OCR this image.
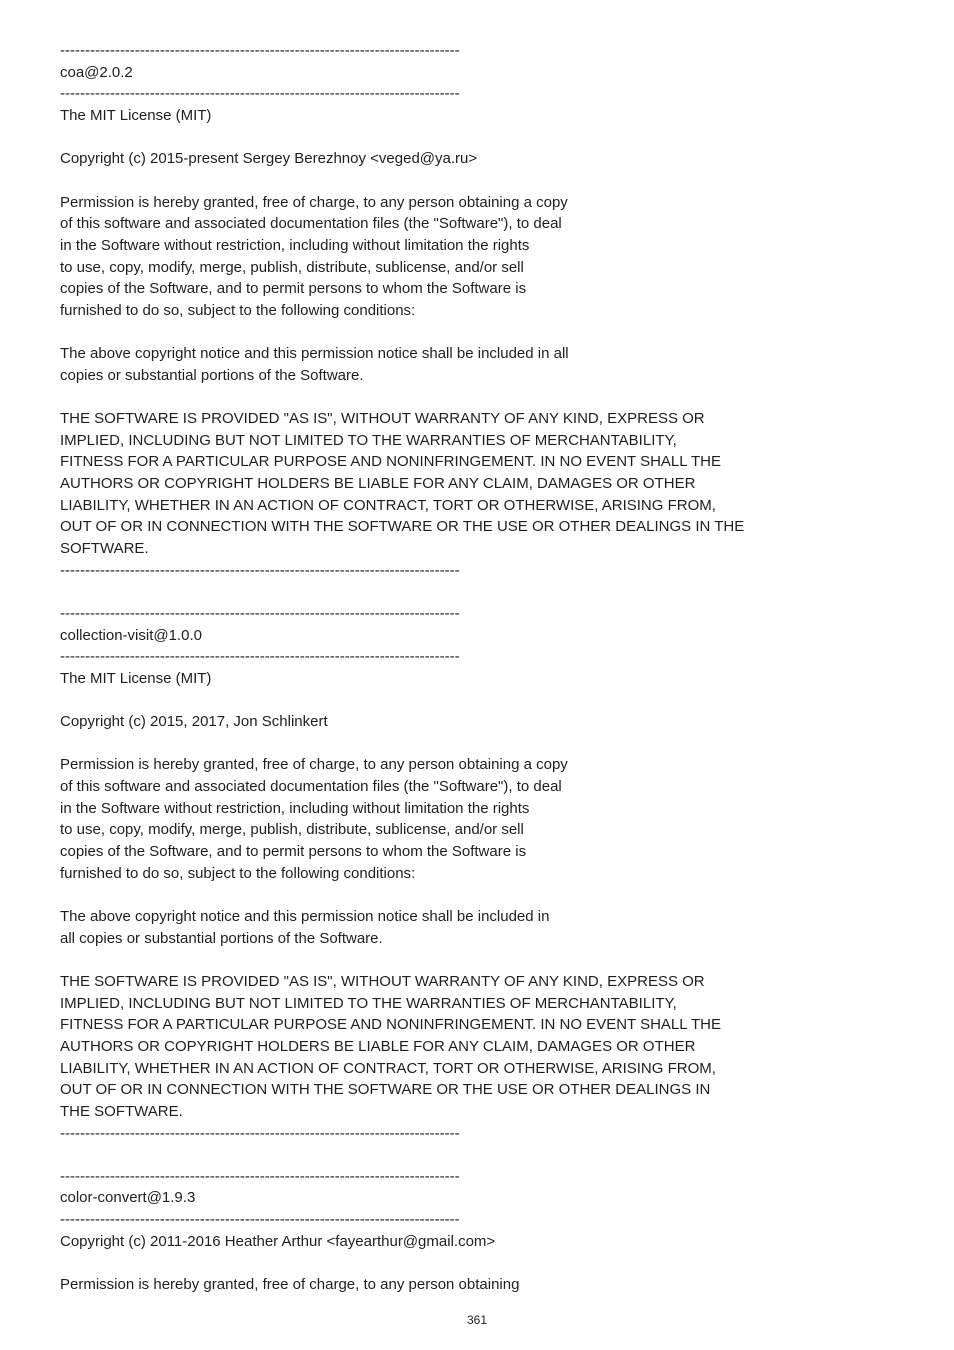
--------------------------------------------------------------------------------
coa@2.0.2
--------------------------------------------------------------------------------
The MIT License (MIT)
Copyright (c) 2015-present Sergey Berezhnoy <veged@ya.ru>
Permission is hereby granted, free of charge, to any person obtaining a copy
of this software and associated documentation files (the "Software"), to deal
in the Software without restriction, including without limitation the rights
to use, copy, modify, merge, publish, distribute, sublicense, and/or sell
copies of the Software, and to permit persons to whom the Software is
furnished to do so, subject to the following conditions:
The above copyright notice and this permission notice shall be included in all
copies or substantial portions of the Software.
THE SOFTWARE IS PROVIDED "AS IS", WITHOUT WARRANTY OF ANY KIND, EXPRESS OR
IMPLIED, INCLUDING BUT NOT LIMITED TO THE WARRANTIES OF MERCHANTABILITY,
FITNESS FOR A PARTICULAR PURPOSE AND NONINFRINGEMENT. IN NO EVENT SHALL THE
AUTHORS OR COPYRIGHT HOLDERS BE LIABLE FOR ANY CLAIM, DAMAGES OR OTHER
LIABILITY, WHETHER IN AN ACTION OF CONTRACT, TORT OR OTHERWISE, ARISING FROM,
OUT OF OR IN CONNECTION WITH THE SOFTWARE OR THE USE OR OTHER DEALINGS IN THE
SOFTWARE.
--------------------------------------------------------------------------------
--------------------------------------------------------------------------------
collection-visit@1.0.0
--------------------------------------------------------------------------------
The MIT License (MIT)
Copyright (c) 2015, 2017, Jon Schlinkert
Permission is hereby granted, free of charge, to any person obtaining a copy
of this software and associated documentation files (the "Software"), to deal
in the Software without restriction, including without limitation the rights
to use, copy, modify, merge, publish, distribute, sublicense, and/or sell
copies of the Software, and to permit persons to whom the Software is
furnished to do so, subject to the following conditions:
The above copyright notice and this permission notice shall be included in
all copies or substantial portions of the Software.
THE SOFTWARE IS PROVIDED "AS IS", WITHOUT WARRANTY OF ANY KIND, EXPRESS OR
IMPLIED, INCLUDING BUT NOT LIMITED TO THE WARRANTIES OF MERCHANTABILITY,
FITNESS FOR A PARTICULAR PURPOSE AND NONINFRINGEMENT. IN NO EVENT SHALL THE
AUTHORS OR COPYRIGHT HOLDERS BE LIABLE FOR ANY CLAIM, DAMAGES OR OTHER
LIABILITY, WHETHER IN AN ACTION OF CONTRACT, TORT OR OTHERWISE, ARISING FROM,
OUT OF OR IN CONNECTION WITH THE SOFTWARE OR THE USE OR OTHER DEALINGS IN
THE SOFTWARE.
--------------------------------------------------------------------------------
--------------------------------------------------------------------------------
color-convert@1.9.3
--------------------------------------------------------------------------------
Copyright (c) 2011-2016 Heather Arthur <fayearthur@gmail.com>
Permission is hereby granted, free of charge, to any person obtaining
361
